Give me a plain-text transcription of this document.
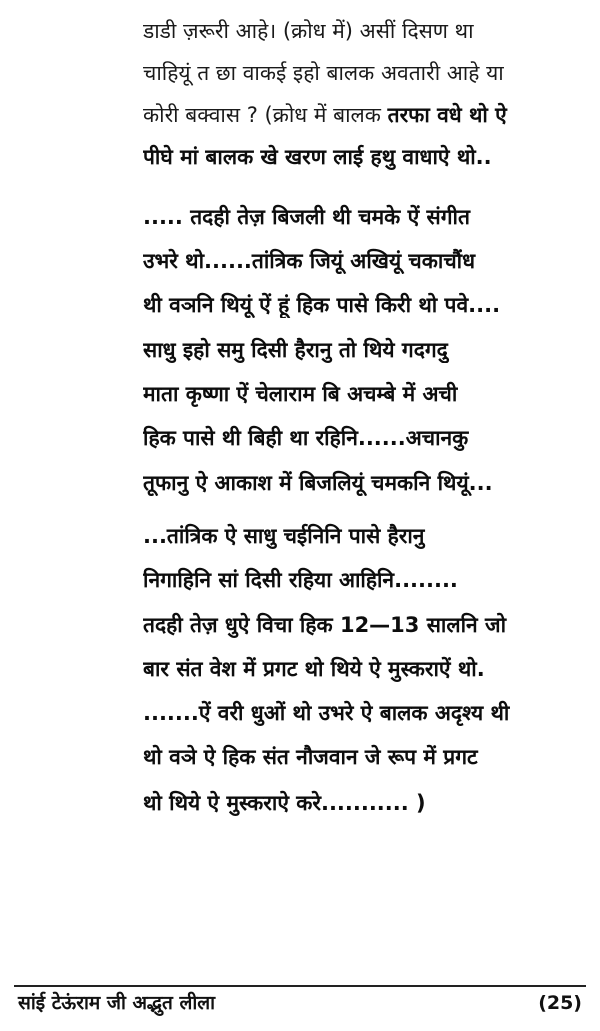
डाडी ज़रूरी आहे। (क्रोध में) असीं दिसण था
चाहियूं त छा वाकई इहो बालक अवतारी आहे या
कोरी बक्वास ? (क्रोध में बालक तरफा वधे थो ऐ
पीघे मां बालक खे खरण लाई हथु वाधाऐ थो..
..... तदही तेज़ बिजली थी चमके ऐं संगीत
उभरे थो......तांत्रिक जियूं अखियूं चकाचौंध
थी वञनि थियूं ऐं हूं हिक पासे किरी थो पवे....
साधु इहो समु दिसी हैरानु तो थिये गदगदु
माता कृष्णा ऐं चेलाराम बि अचम्बे में अची
हिक पासे थी बिही था रहिनि......अचानकु
तूफानु ऐ आकाश में बिजलियूं चमकनि थियूं...
...तांत्रिक ऐ साधु चईनिनि पासे हैरानु
निगाहिनि सां दिसी रहिया आहिनि........
तदही तेज़ धुऐ विचा हिक 12—13 सालनि जो
बार संत वेश में प्रगट थो थिये ऐ मुस्कराऐं थो.
.......ऐं वरी धुओं थो उभरे ऐ बालक अदृश्य थी
थो वञे ऐ हिक संत नौजवान जे रूप में प्रगट
थो थिये ऐ मुस्कराऐ करे........... )
सांई टेऊंराम जी अद्भुत लीला	(25)
